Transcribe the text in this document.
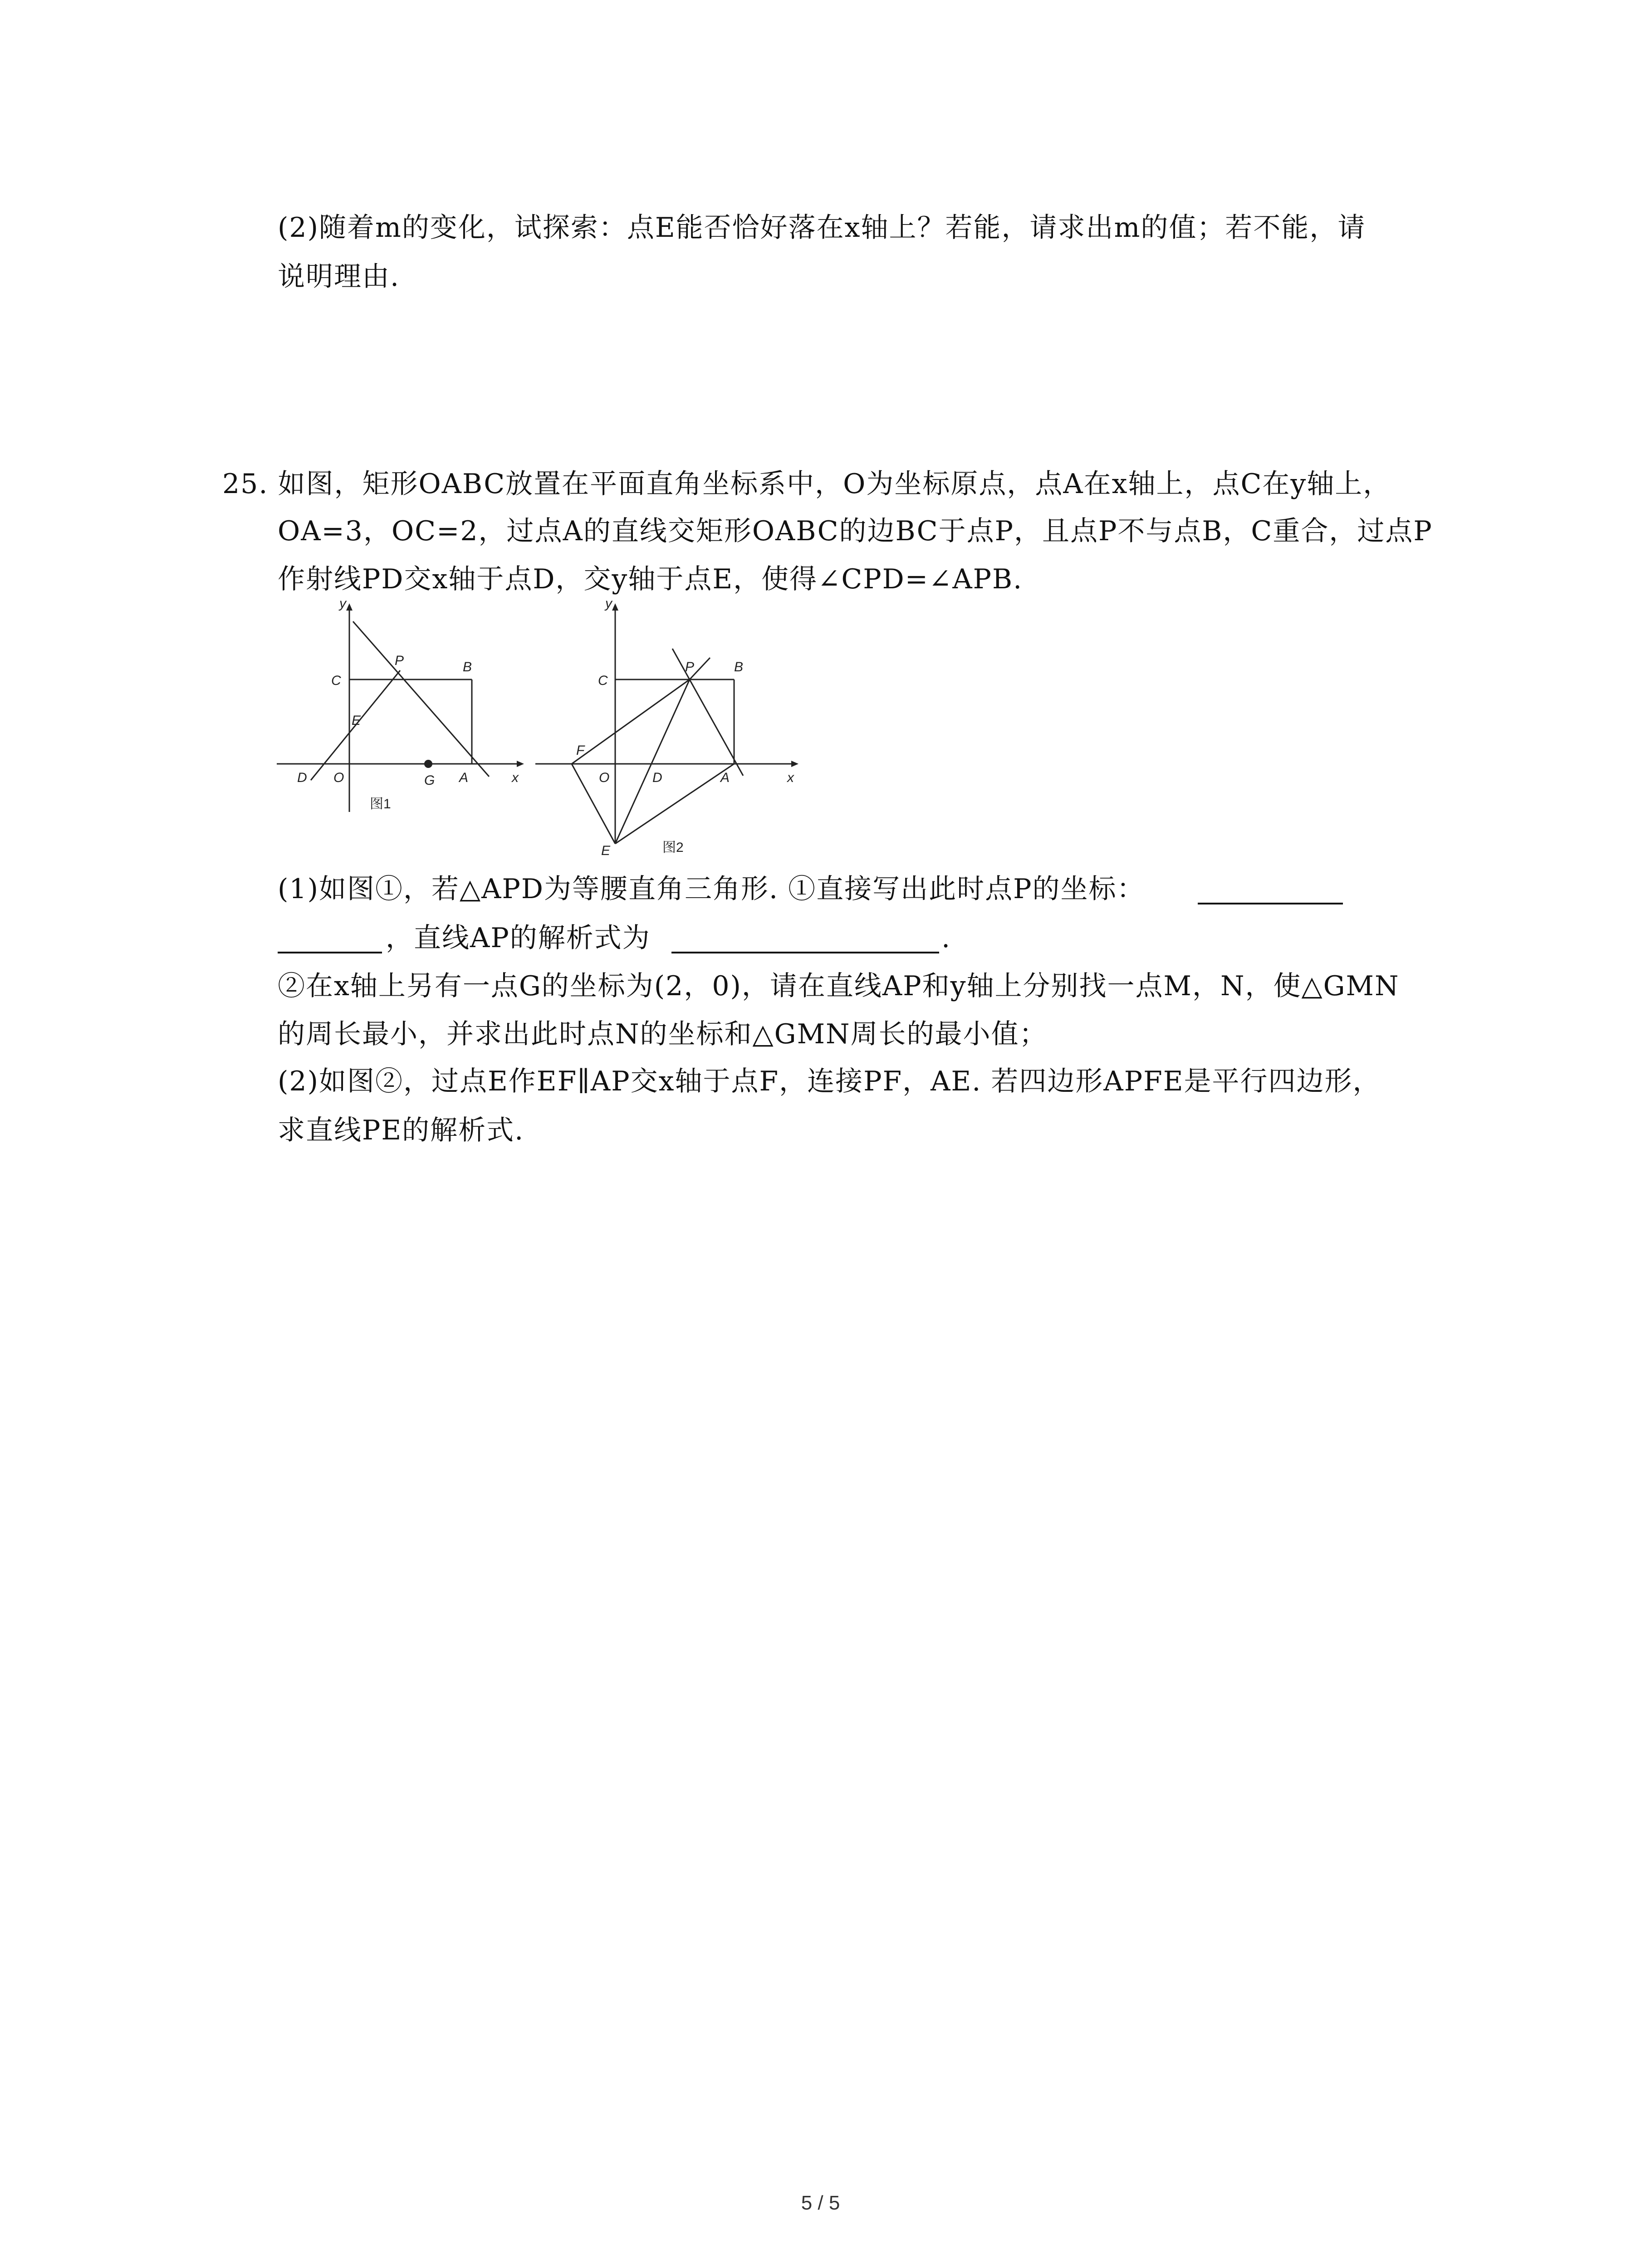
(2)随着m的变化，试探索：点E能否恰好落在x轴上？若能，请求出m的值；若不能，请
说明理由.
25. 如图，矩形OABC放置在平面直角坐标系中，O为坐标原点，点A在x轴上，点C在y轴上，
OA=3，OC=2，过点A的直线交矩形OABC的边BC于点P，且点P不与点B，C重合，过点P
作射线PD交x轴于点D，交y轴于点E，使得∠CPD=∠APB.
y
x
C
P	B
E
D O	G A
图1
y
x
C
P	B
F
O	D	A
E	图2
(1)如图①，若△APD为等腰直角三角形. ①直接写出此时点P的坐标：
，直线AP的解析式为	.
②在x轴上另有一点G的坐标为(2，0)，请在直线AP和y轴上分别找一点M，N，使△GMN
的周长最小，并求出此时点N的坐标和△GMN周长的最小值；
(2)如图②，过点E作EF∥AP交x轴于点F，连接PF，AE. 若四边形APFE是平行四边形，
求直线PE的解析式.
5 / 5
